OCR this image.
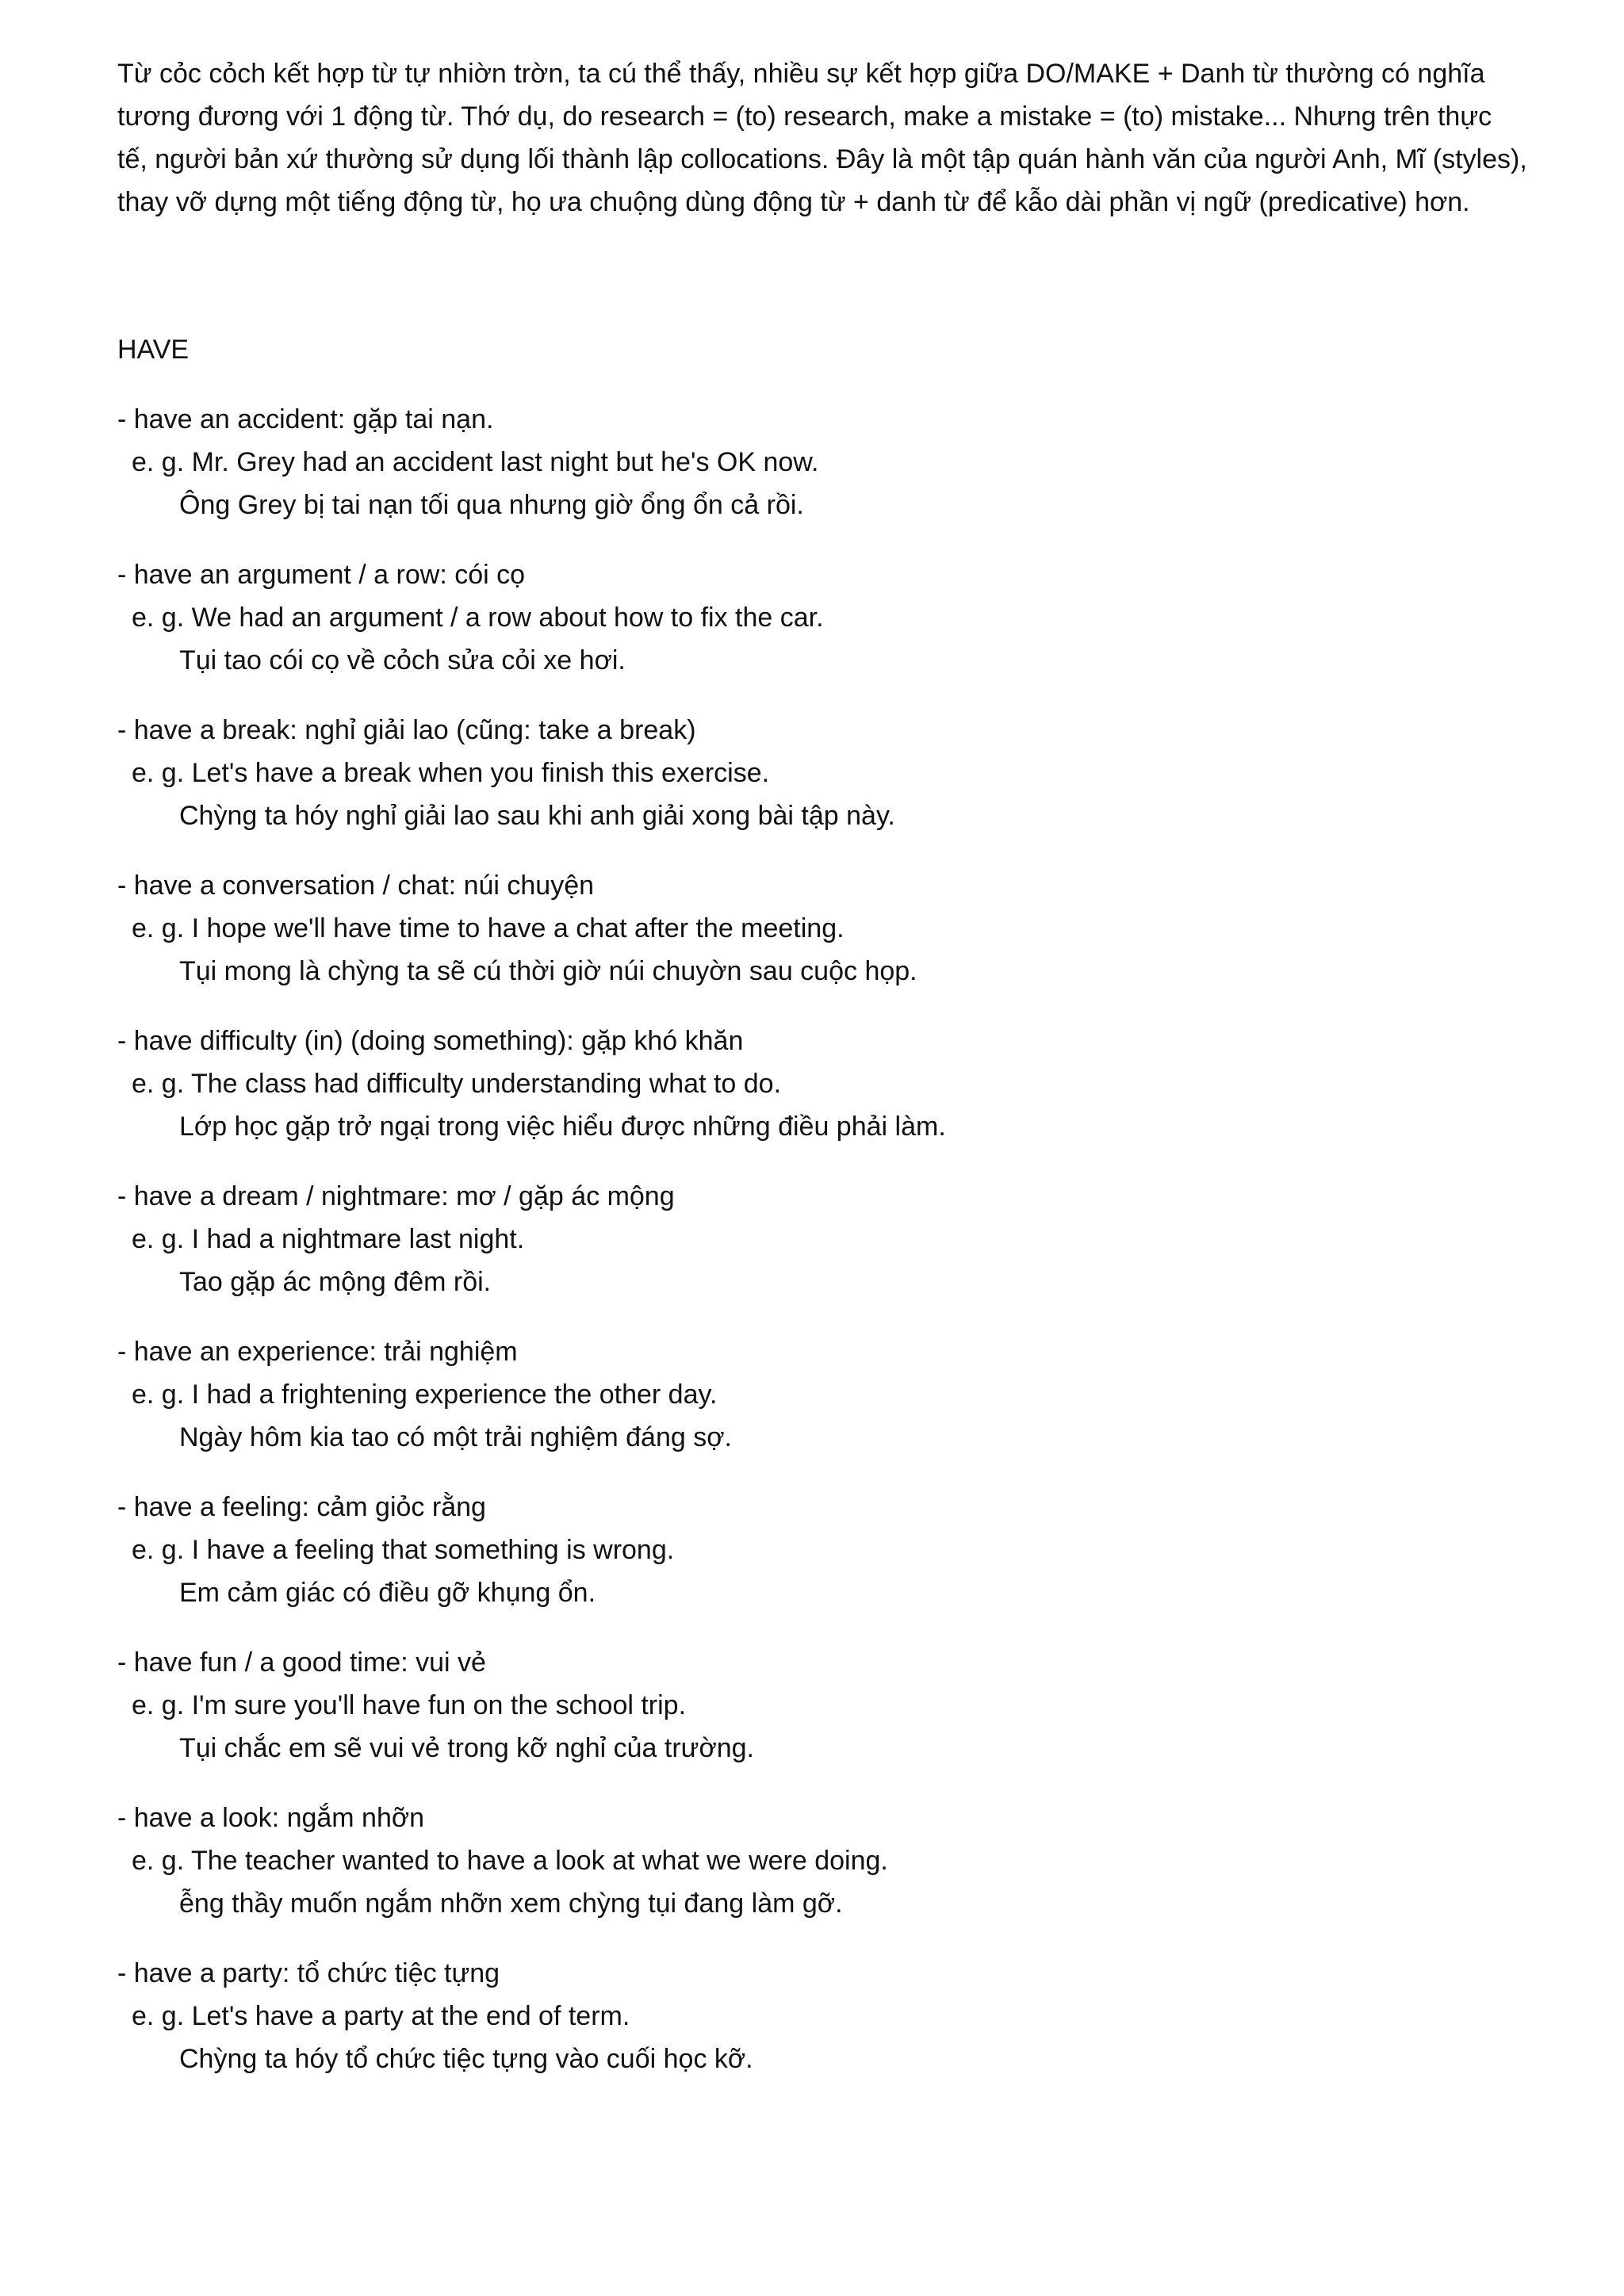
Từ cỏc cỏch kết hợp từ tự nhiờn trờn, ta cú thể thấy, nhiều sự kết hợp giữa DO/MAKE + Danh từ thường có nghĩa tương đương với 1 động từ. Thớ dụ, do research = (to) research, make a mistake = (to) mistake... Nhưng trên thực tế, người bản xứ thường sử dụng lối thành lập collocations. Đây là một tập quán hành văn của người Anh, Mĩ (styles), thay vỡ dựng một tiếng động từ, họ ưa chuộng dùng động từ + danh từ để kẫo dài phần vị ngữ (predicative) hơn.

HAVE

- have an accident: gặp tai nạn.

e. g. Mr. Grey had an accident last night but he's OK now.

Ông Grey bị tai nạn tối qua nhưng giờ ổng ổn cả rồi.

- have an argument / a row: cói cọ

e. g. We had an argument / a row about how to fix the car.

Tụi tao cói cọ về cỏch sửa cỏi xe hơi.

- have a break: nghỉ giải lao (cũng: take a break)

e. g. Let's have a break when you finish this exercise.

Chỳng ta hóy nghỉ giải lao sau khi anh giải xong bài tập này.

- have a conversation / chat: núi chuyện

e. g. I hope we'll have time to have a chat after the meeting.

Tụi mong là chỳng ta sẽ cú thời giờ núi chuyờn sau cuộc họp.

- have difficulty (in) (doing something): gặp khó khăn

e. g. The class had difficulty understanding what to do.

Lớp học gặp trở ngại trong việc hiểu được những điều phải làm.

- have a dream / nightmare: mơ / gặp ác mộng

e. g. I had a nightmare last night.

Tao gặp ác mộng đêm rồi.

- have an experience: trải nghiệm

e. g. I had a frightening experience the other day.

Ngày hôm kia tao có một trải nghiệm đáng sợ.

- have a feeling: cảm giỏc rằng

e. g. I have a feeling that something is wrong.

Em cảm giác có điều gỡ khụng ổn.

- have fun / a good time: vui vẻ

e. g. I'm sure you'll have fun on the school trip.

Tụi chắc em sẽ vui vẻ trong kỡ nghỉ của trường.

- have a look: ngắm nhỡn

e. g. The teacher wanted to have a look at what we were doing.

ễng thầy muốn ngắm nhỡn xem chỳng tụi đang làm gỡ.

- have a party: tổ chức tiệc tựng

e. g. Let's have a party at the end of term.

Chỳng ta hóy tổ chức tiệc tựng vào cuối học kỡ.
